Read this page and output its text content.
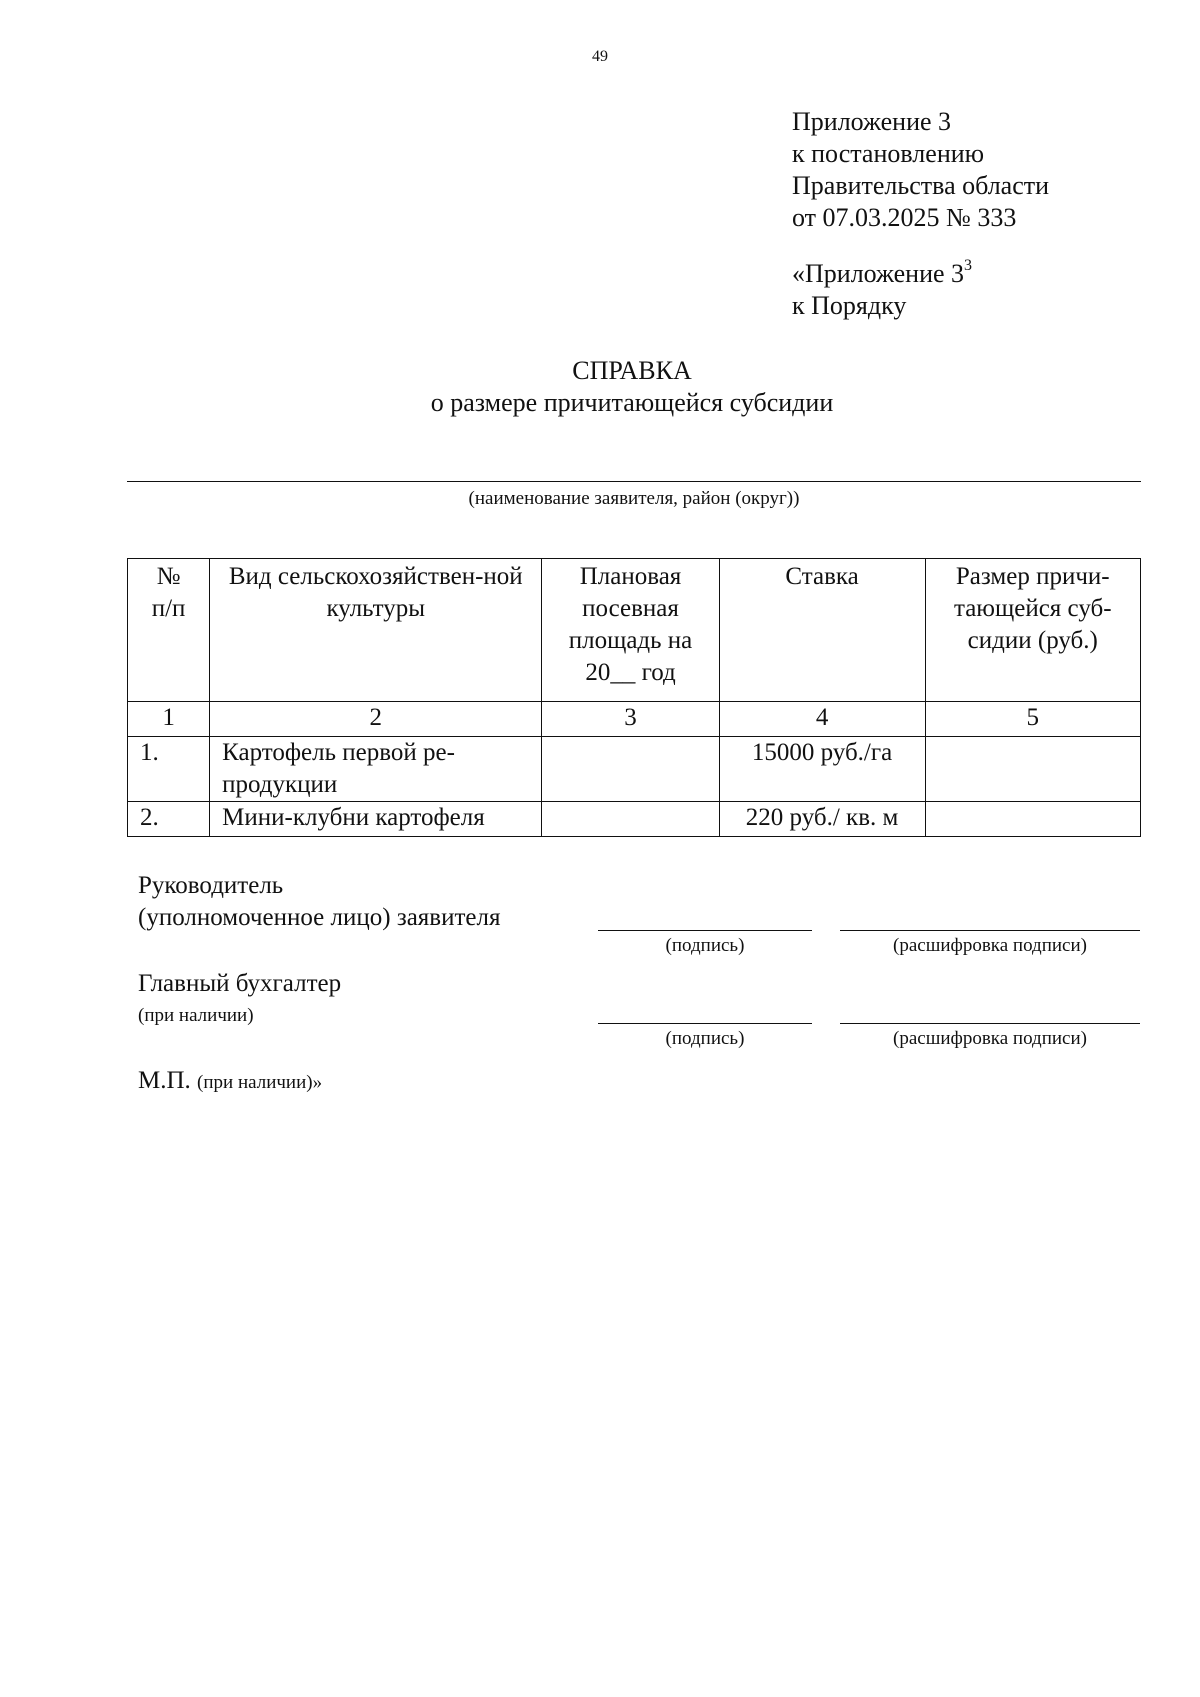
49
Приложение 3
к постановлению
Правительства области
от 07.03.2025 № 333
«Приложение $3^3$
к Порядку
СПРАВКА
о размере причитающейся субсидии
(наименование заявителя, район (округ))
№ п/п	Вид сельскохозяйствен-ной культуры	Плановая посевная площадь на 20__ год	Ставка	Размер причи-тающейся суб-сидии (руб.)

1	2	3	4	5
1.	Картофель первой ре-продукции		15000 руб./га	
2.	Мини-клубни картофеля		220 руб./ кв. м	
Руководитель
(уполномоченное лицо) заявителя
(подпись)	(расшифровка подписи)
Главный бухгалтер
(при наличии)
(подпись)	(расшифровка подписи)
М.П. (при наличии)»
